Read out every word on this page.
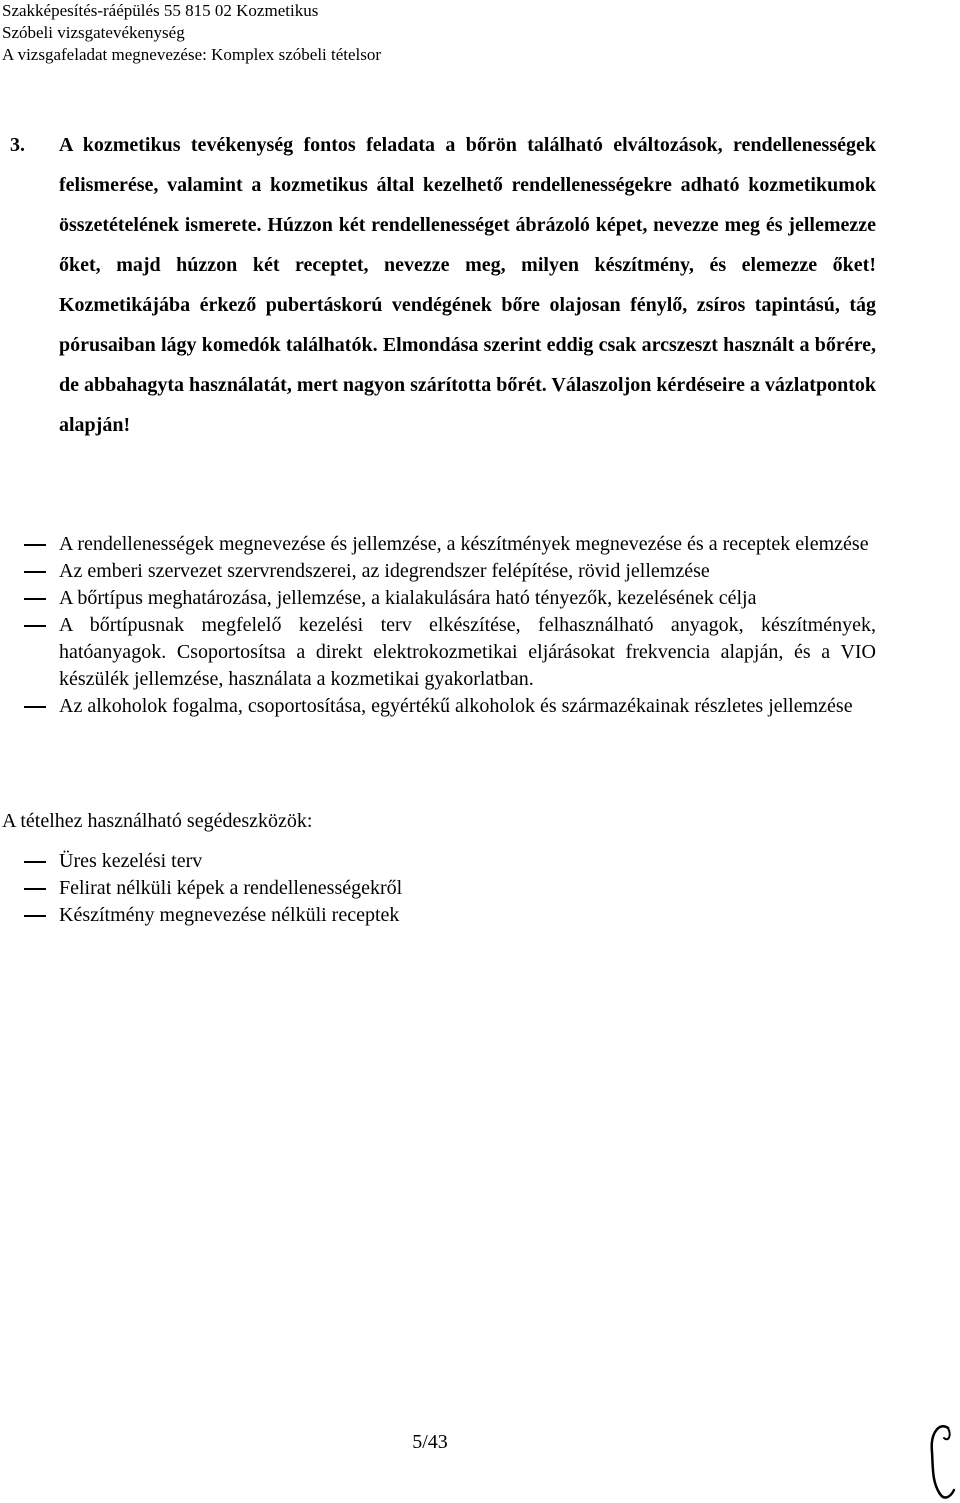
Szakképesítés-ráépülés 55 815 02 Kozmetikus
Szóbeli vizsgatevékenység
A vizsgafeladat megnevezése: Komplex szóbeli tételsor
3. A kozmetikus tevékenység fontos feladata a bőrön található elváltozások, rendellenességek felismerése, valamint a kozmetikus által kezelhető rendellenességekre adható kozmetikumok összetételének ismerete. Húzzon két rendellenességet ábrázoló képet, nevezze meg és jellemezze őket, majd húzzon két receptet, nevezze meg, milyen készítmény, és elemezze őket! Kozmetikájába érkező pubertáskorú vendégének bőre olajosan fénylő, zsíros tapintású, tág pórusaiban lágy komedók találhatók. Elmondása szerint eddig csak arcszeszt használt a bőrére, de abbahagyta használatát, mert nagyon szárította bőrét. Válaszoljon kérdéseire a vázlatpontok alapján!

A rendellenességek megnevezése és jellemzése, a készítmények megnevezése és a receptek elemzése
Az emberi szervezet szervrendszerei, az idegrendszer felépítése, rövid jellemzése
A bőrtípus meghatározása, jellemzése, a kialakulására ható tényezők, kezelésének célja
A bőrtípusnak megfelelő kezelési terv elkészítése, felhasználható anyagok, készítmények, hatóanyagok. Csoportosítsa a direkt elektrokozmetikai eljárásokat frekvencia alapján, és a VIO készülék jellemzése, használata a kozmetikai gyakorlatban.
Az alkoholok fogalma, csoportosítása, egyértékű alkoholok és származékainak részletes jellemzése
A tételhez használható segédeszközök:
Üres kezelési terv
Felirat nélküli képek a rendellenességekről
Készítmény megnevezése nélküli receptek
5/43
